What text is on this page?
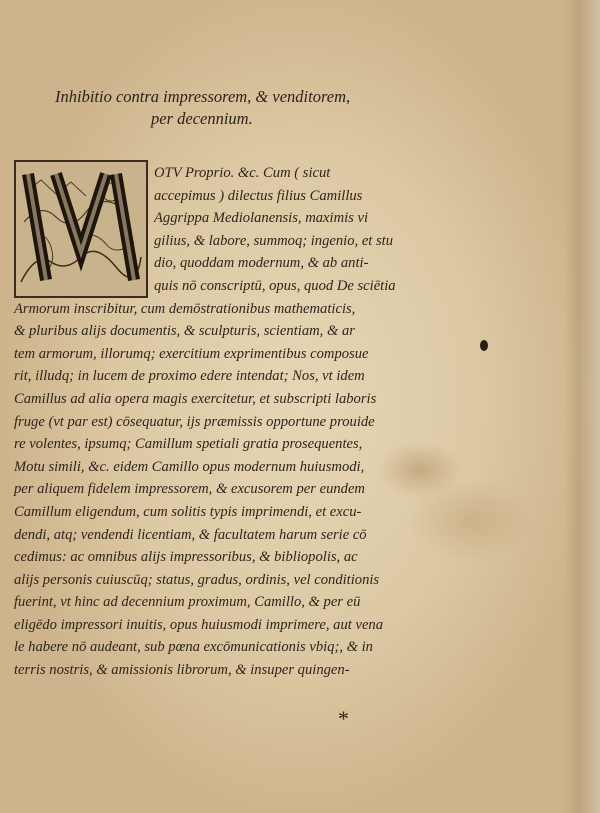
Inhibitio contra impressorem, & venditorem,
per decennium.
OTV Proprio. &c. Cum ( sicut
accepimus ) dilectus filius Camillus
Aggrippa Mediolanensis, maximis vi
gilius, & labore, summoq; ingenio, et stu
dio, quoddam modernum, & ab anti-
quis nō conscriptū, opus, quod De sciētia
Armorum inscribitur, cum demōstrationibus mathematicis,
& pluribus alijs documentis, & sculpturis, scientiam, & ar
tem armorum, illorumq; exercitium exprimentibus composue
rit, illudq; in lucem de proximo edere intendat; Nos, vt idem
Camillus ad alia opera magis exercitetur, et subscripti laboris
fruge (vt par est) cōsequatur, ijs præmissis opportune prouide
re volentes, ipsumq; Camillum spetiali gratia prosequentes,
Motu simili, &c. eidem Camillo opus modernum huiusmodi,
per aliquem fidelem impressorem, & excusorem per eundem
Camillum eligendum, cum solitis typis imprimendi, et excu-
dendi, atq; vendendi licentiam, & facultatem harum serie cō
cedimus: ac omnibus alijs impressoribus, & bibliopolis, ac
alijs personis cuiuscūq; status, gradus, ordinis, vel conditionis
fuerint, vt hinc ad decennium proximum, Camillo, & per eū
eligēdo impressori inuitis, opus huiusmodi imprimere, aut vena
le habere nō audeant, sub pœna excōmunicationis vbiq;, & in
terris nostris, & amissionis librorum, & insuper quingen-
*
